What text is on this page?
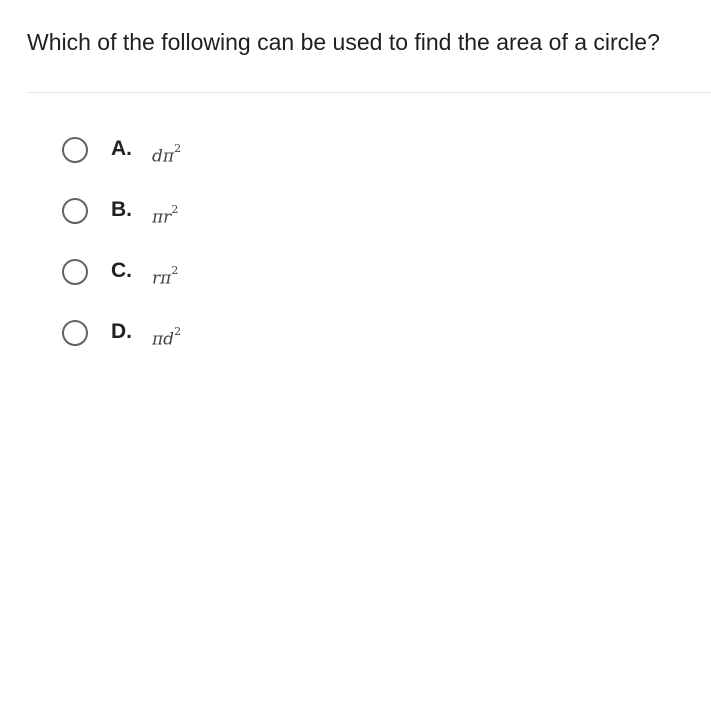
Which of the following can be used to find the area of a circle?
A. $d\pi^2$
B. $\pi r^2$
C. $r\pi^2$
D. $\pi d^2$
